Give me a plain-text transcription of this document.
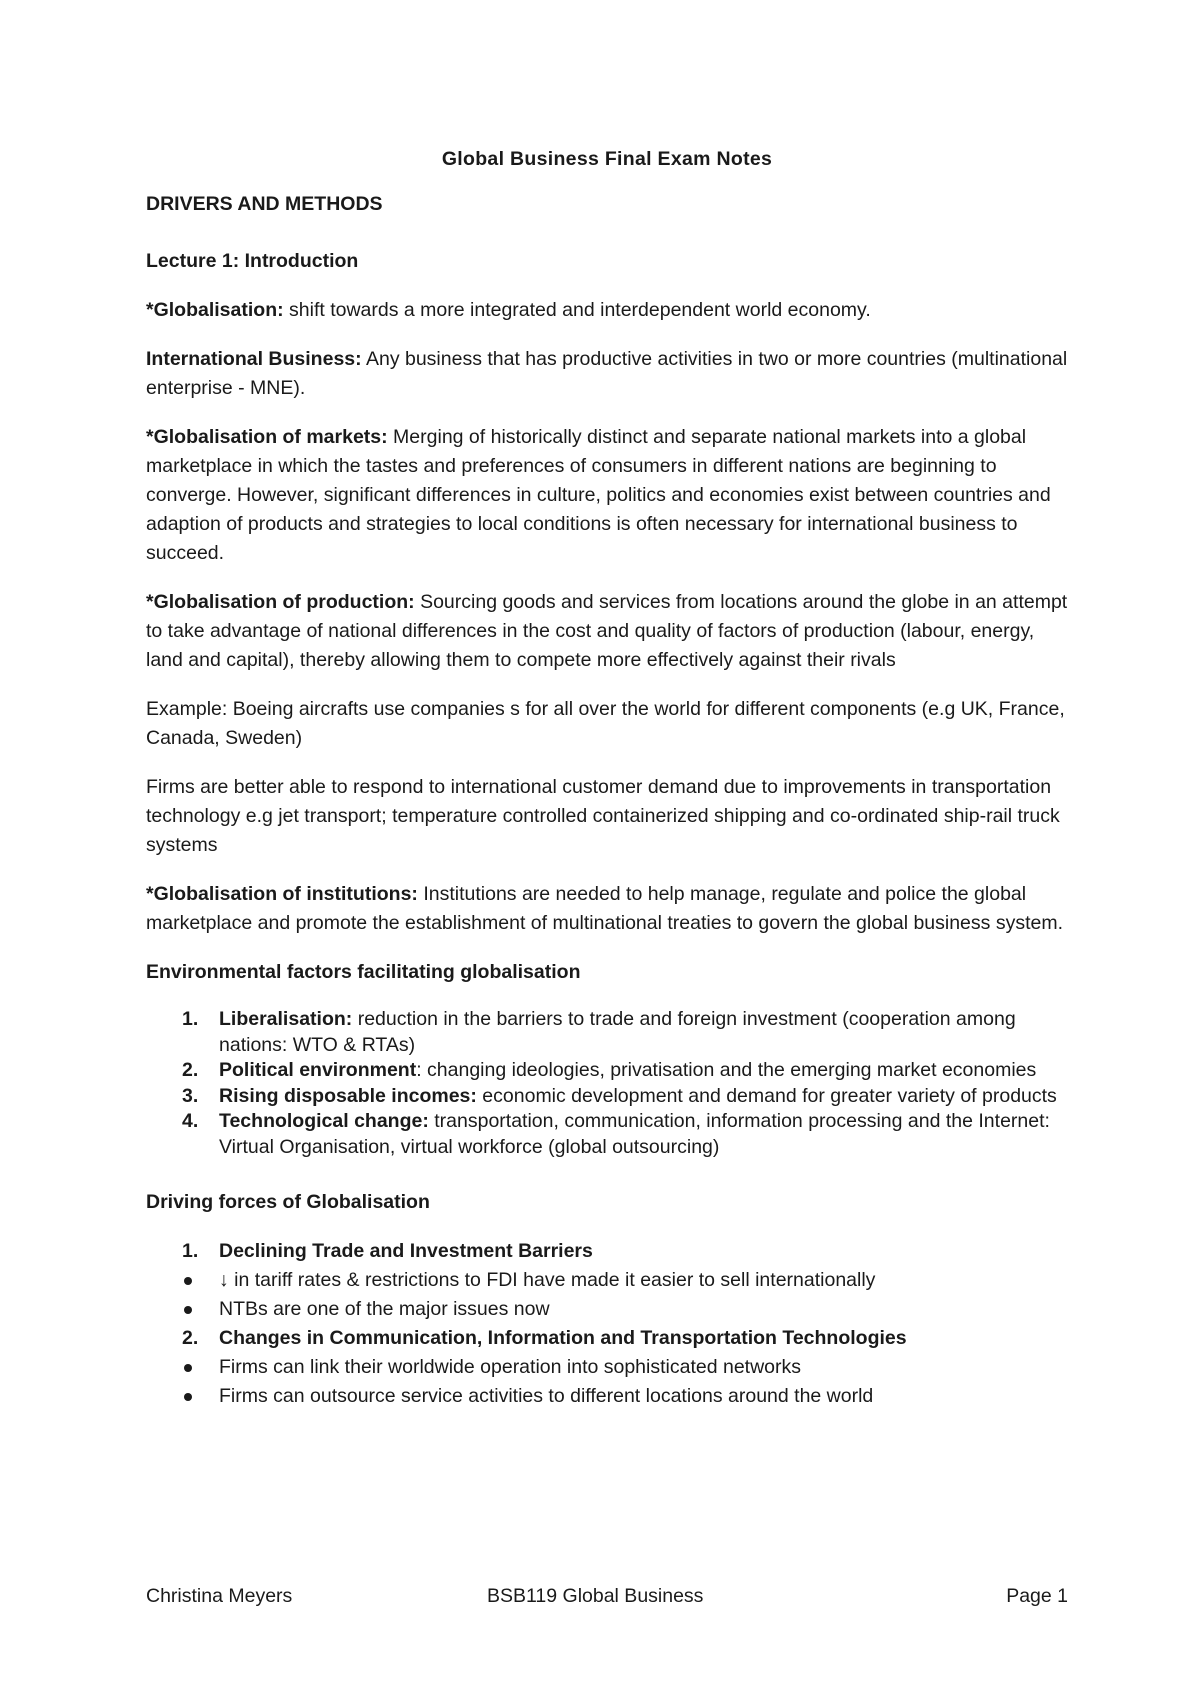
Global Business Final Exam Notes
DRIVERS AND METHODS
Lecture 1: Introduction

*Globalisation: shift towards a more integrated and interdependent world economy.

International Business: Any business that has productive activities in two or more countries (multinational enterprise - MNE).

*Globalisation of markets: Merging of historically distinct and separate national markets into a global marketplace in which the tastes and preferences of consumers in different nations are beginning to converge. However, significant differences in culture, politics and economies exist between countries and adaption of products and strategies to local conditions is often necessary for international business to succeed.

*Globalisation of production: Sourcing goods and services from locations around the globe in an attempt to take advantage of national differences in the cost and quality of factors of production (labour, energy, land and capital), thereby allowing them to compete more effectively against their rivals

Example: Boeing aircrafts use companies s for all over the world for different components (e.g UK, France, Canada, Sweden)

Firms are better able to respond to international customer demand due to improvements in transportation technology e.g jet transport; temperature controlled containerized shipping and co-ordinated ship-rail truck systems

*Globalisation of institutions: Institutions are needed to help manage, regulate and police the global marketplace and promote the establishment of multinational treaties to govern the global business system.

Environmental factors facilitating globalisation
1. Liberalisation: reduction in the barriers to trade and foreign investment (cooperation among nations: WTO & RTAs)
2. Political environment: changing ideologies, privatisation and the emerging market economies
3. Rising disposable incomes: economic development and demand for greater variety of products
4. Technological change: transportation, communication, information processing and the Internet: Virtual Organisation, virtual workforce (global outsourcing)
Driving forces of Globalisation
1. Declining Trade and Investment Barriers
↓ in tariff rates & restrictions to FDI have made it easier to sell internationally
NTBs are one of the major issues now
2. Changes in Communication, Information and Transportation Technologies
Firms can link their worldwide operation into sophisticated networks
Firms can outsource service activities to different locations around the world
Christina Meyers	BSB119 Global Business	Page 1
